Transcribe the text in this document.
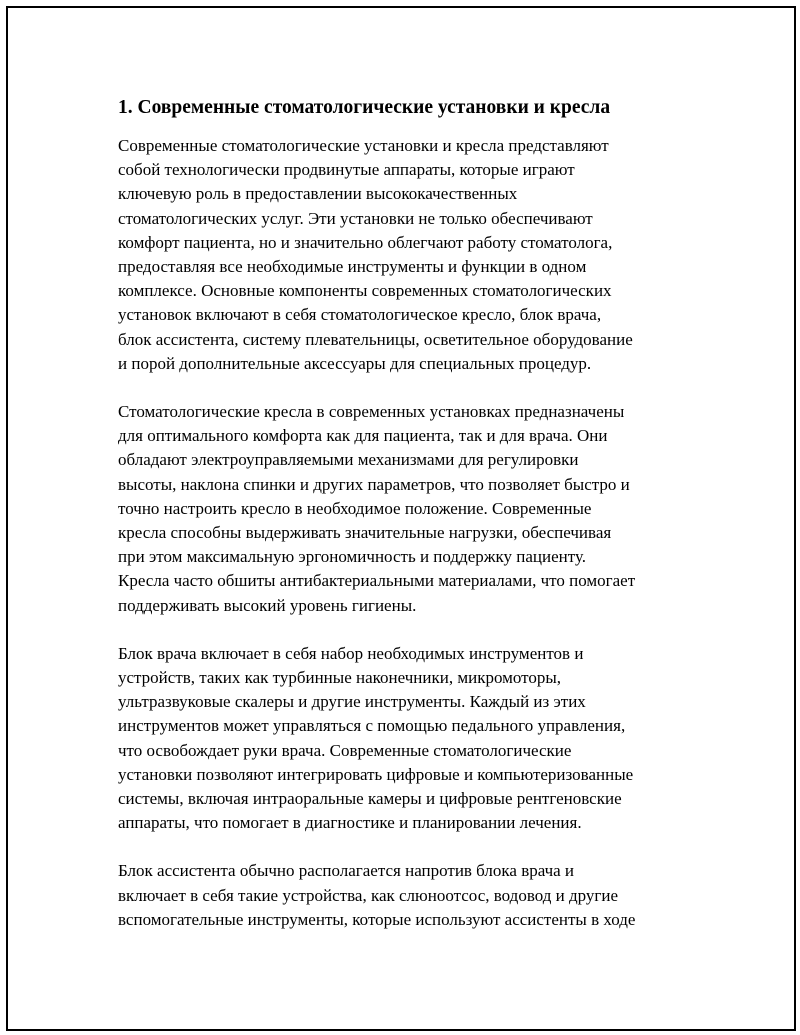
1. Современные стоматологические установки и кресла
Современные стоматологические установки и кресла представляют
собой технологически продвинутые аппараты, которые играют
ключевую роль в предоставлении высококачественных
стоматологических услуг. Эти установки не только обеспечивают
комфорт пациента, но и значительно облегчают работу стоматолога,
предоставляя все необходимые инструменты и функции в одном
комплексе. Основные компоненты современных стоматологических
установок включают в себя стоматологическое кресло, блок врача,
блок ассистента, систему плевательницы, осветительное оборудование
и порой дополнительные аксессуары для специальных процедур.
Стоматологические кресла в современных установках предназначены
для оптимального комфорта как для пациента, так и для врача. Они
обладают электроуправляемыми механизмами для регулировки
высоты, наклона спинки и других параметров, что позволяет быстро и
точно настроить кресло в необходимое положение. Современные
кресла способны выдерживать значительные нагрузки, обеспечивая
при этом максимальную эргономичность и поддержку пациенту.
Кресла часто обшиты антибактериальными материалами, что помогает
поддерживать высокий уровень гигиены.
Блок врача включает в себя набор необходимых инструментов и
устройств, таких как турбинные наконечники, микромоторы,
ультразвуковые скалеры и другие инструменты. Каждый из этих
инструментов может управляться с помощью педального управления,
что освобождает руки врача. Современные стоматологические
установки позволяют интегрировать цифровые и компьютеризованные
системы, включая интраоральные камеры и цифровые рентгеновские
аппараты, что помогает в диагностике и планировании лечения.
Блок ассистента обычно располагается напротив блока врача и
включает в себя такие устройства, как слюноотсос, водовод и другие
вспомогательные инструменты, которые используют ассистенты в ходе
